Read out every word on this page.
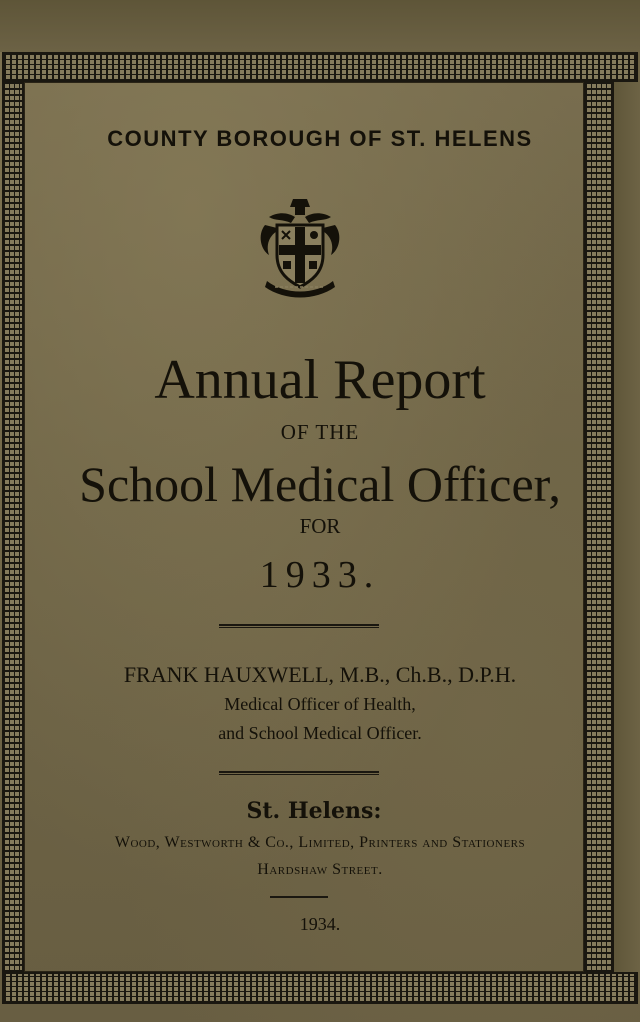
COUNTY BOROUGH OF ST. HELENS
Annual Report
OF THE
School Medical Officer,
FOR
1933.
FRANK HAUXWELL, M.B., Ch.B., D.P.H.
Medical Officer of Health,
and School Medical Officer.
St. Helens:
Wood, Westworth & Co., Limited, Printers and Stationers
Hardshaw Street.
1934.
